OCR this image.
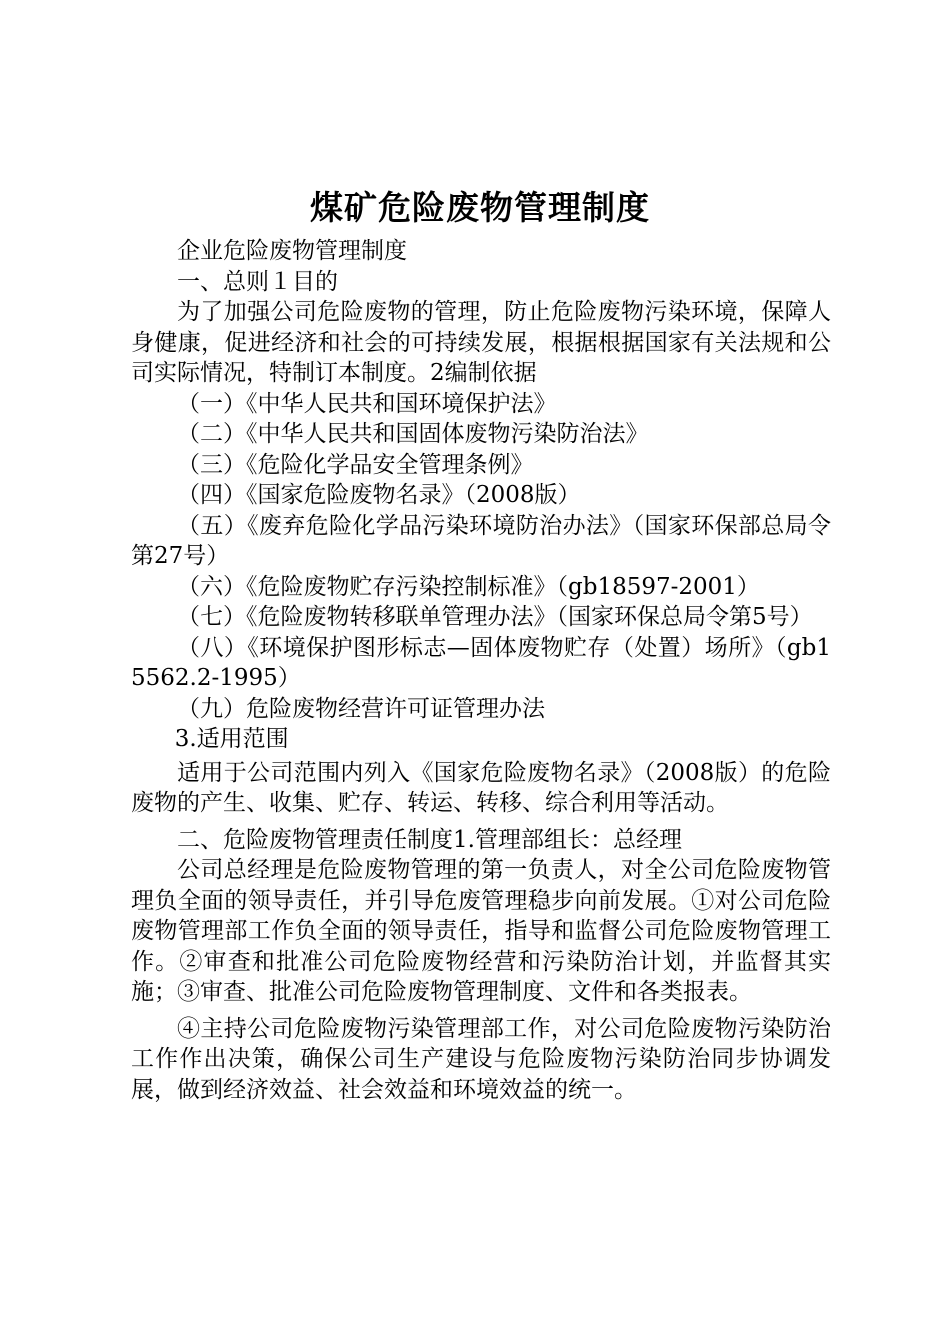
煤矿危险废物管理制度

企业危险废物管理制度

一、总则１目的

为了加强公司危险废物的管理，防止危险废物污染环境，保障人身健康，促进经济和社会的可持续发展，根据根据国家有关法规和公司实际情况，特制订本制度。2编制依据

（一）《中华人民共和国环境保护法》

（二）《中华人民共和国固体废物污染防治法》

（三）《危险化学品安全管理条例》

（四）《国家危险废物名录》（2008版）

（五）《废弃危险化学品污染环境防治办法》（国家环保部总局令第27号）

（六）《危险废物贮存污染控制标准》（gb18597-2001）

（七）《危险废物转移联单管理办法》（国家环保总局令第5号）

（八）《环境保护图形标志—固体废物贮存（处置）场所》（gb15562.2-1995）

（九）危险废物经营许可证管理办法

3.适用范围

适用于公司范围内列入《国家危险废物名录》（2008版）的危险废物的产生、收集、贮存、转运、转移、综合利用等活动。

二、危险废物管理责任制度1.管理部组长：总经理

公司总经理是危险废物管理的第一负责人，对全公司危险废物管理负全面的领导责任，并引导危废管理稳步向前发展。①对公司危险废物管理部工作负全面的领导责任，指导和监督公司危险废物管理工作。②审查和批准公司危险废物经营和污染防治计划，并监督其实施；③审查、批准公司危险废物管理制度、文件和各类报表。

④主持公司危险废物污染管理部工作，对公司危险废物污染防治工作作出决策，确保公司生产建设与危险废物污染防治同步协调发展，做到经济效益、社会效益和环境效益的统一。
